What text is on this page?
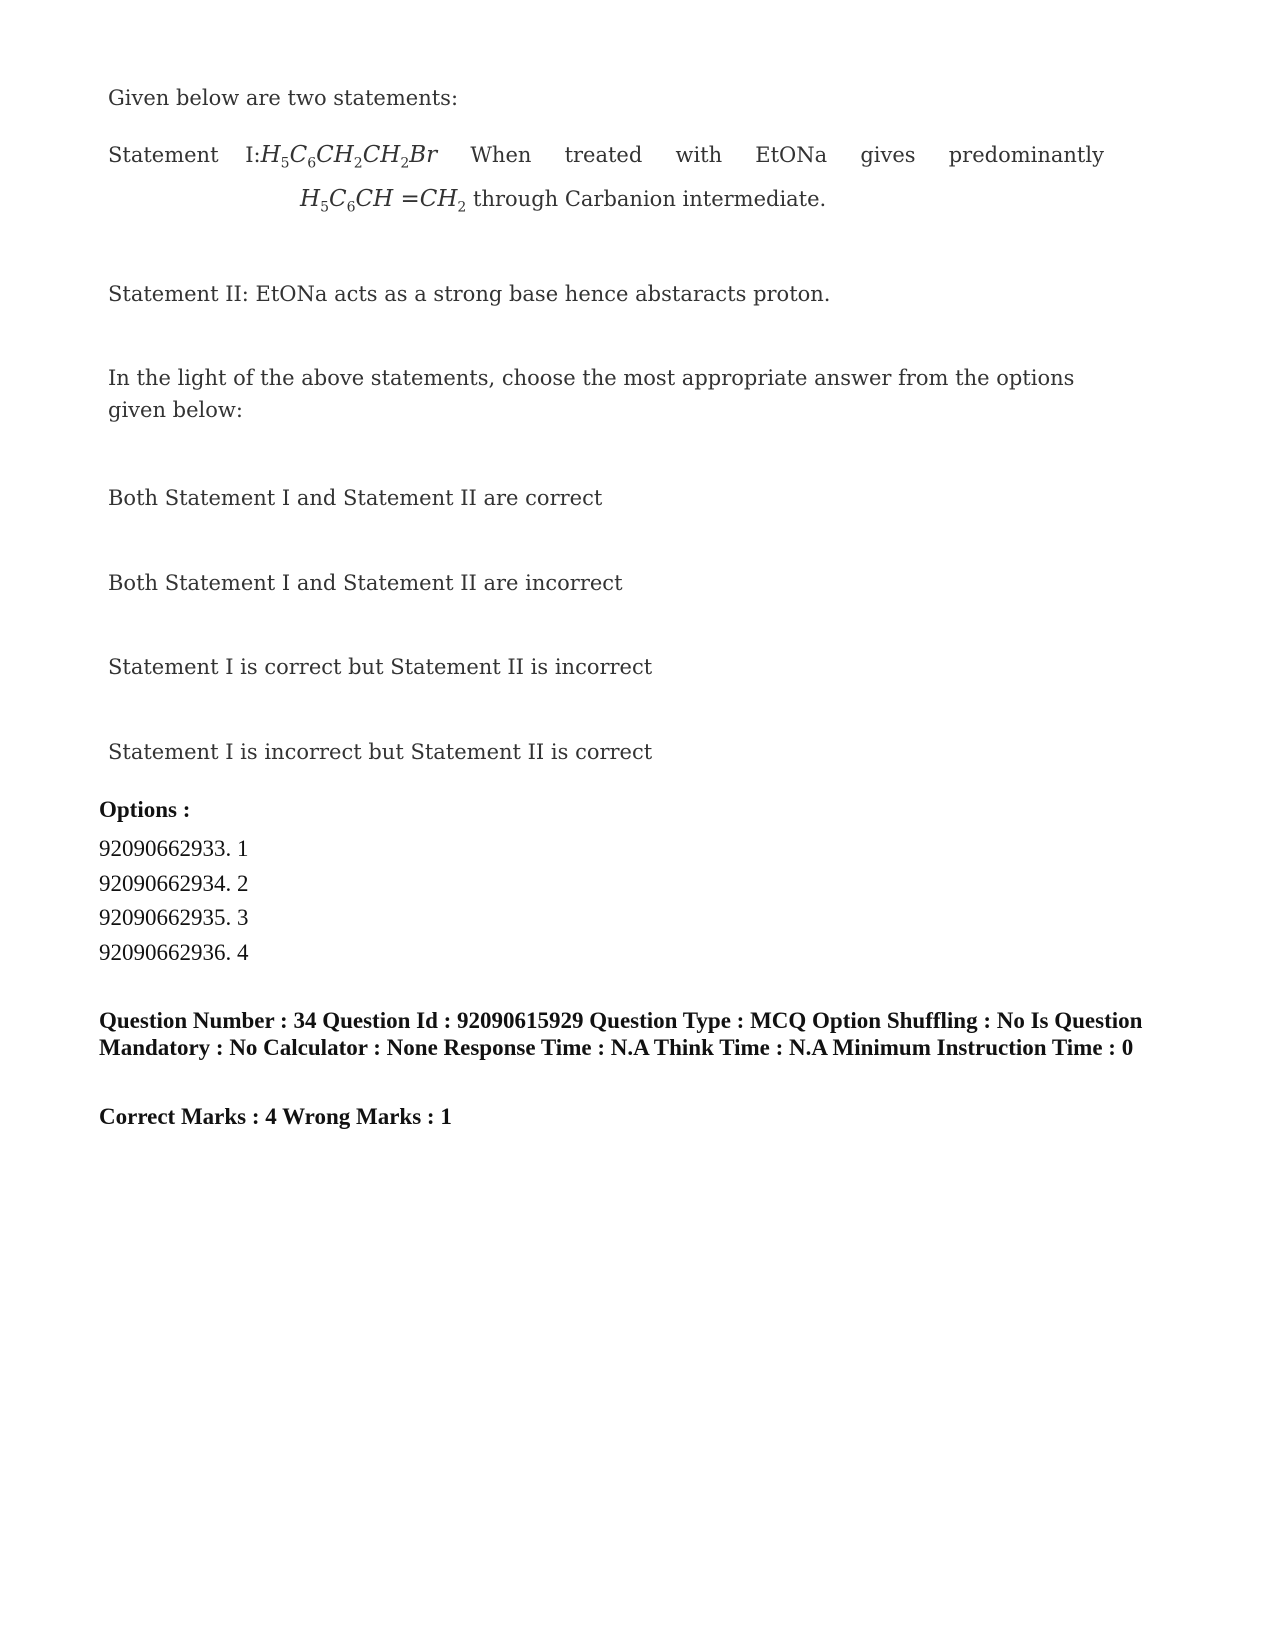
Given below are two statements:
Statement $I:H_5C_6CH_2CH_2Br$ When treated with EtONa gives predominantly
$H_5C_6CH =CH_2$ through Carbanion intermediate.
Statement II: EtONa acts as a strong base hence abstaracts proton.
In the light of the above statements, choose the most appropriate answer from the options
given below:
Both Statement I and Statement II are correct
Both Statement I and Statement II are incorrect
Statement I is correct but Statement II is incorrect
Statement I is incorrect but Statement II is correct
Options :
92090662933. 1
92090662934. 2
92090662935. 3
92090662936. 4
Question Number : 34 Question Id : 92090615929 Question Type : MCQ Option Shuffling : No Is Question Mandatory : No Calculator : None Response Time : N.A Think Time : N.A Minimum Instruction Time : 0
Correct Marks : 4 Wrong Marks : 1
